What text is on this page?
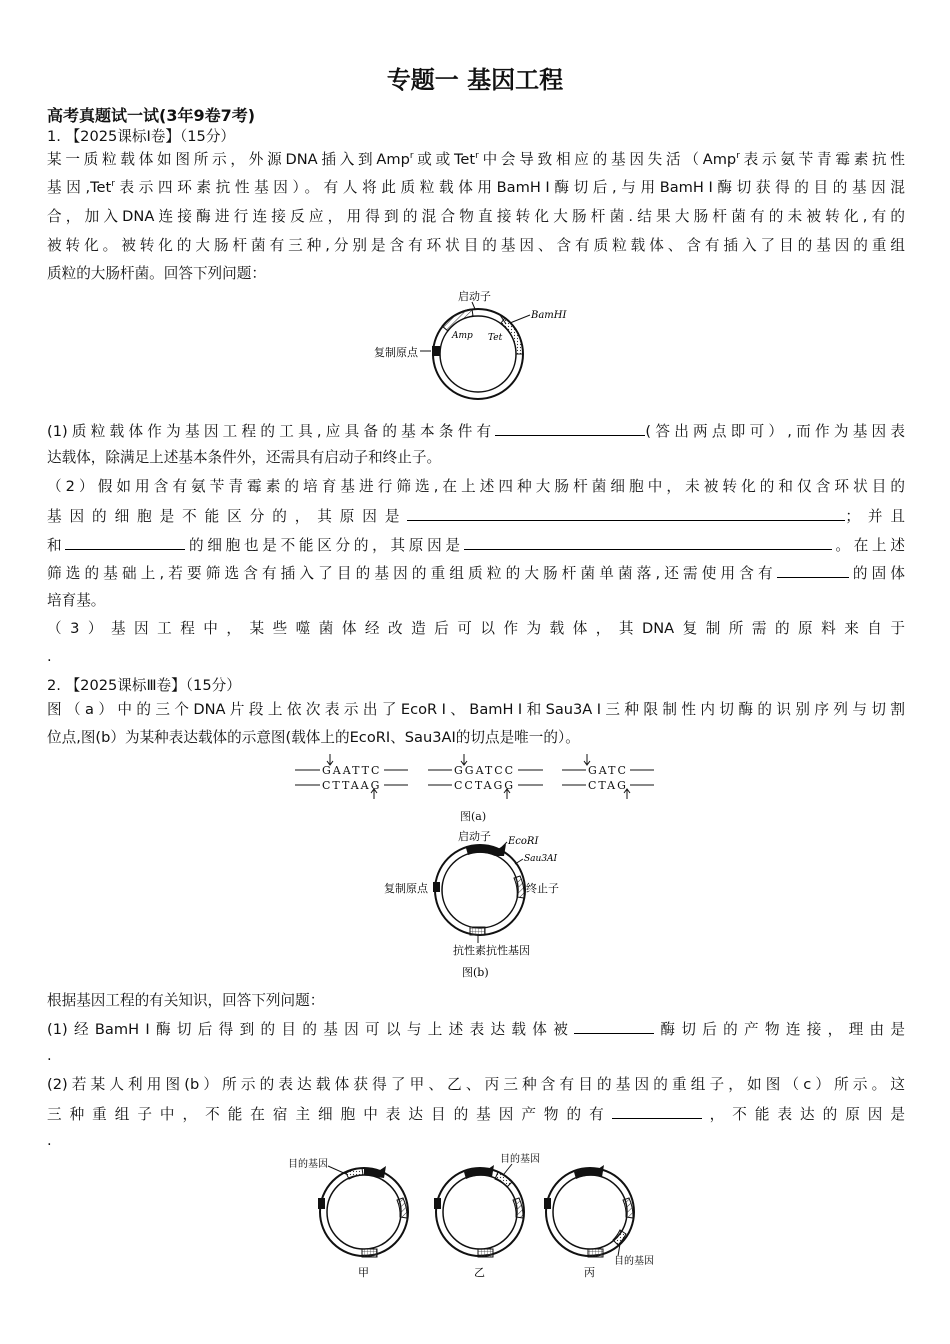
专题一 基因工程
高考真题试一试(3年9卷7考)
1. 【2025课标Ⅰ卷】（15分）
某一质粒载体如图所示，外源DNA插入到Amp$^r$或或Tet$^r$中会导致相应的基因失活（Amp$^r$表示氨苄青霉素抗性
基因,Tet$^r$表示四环素抗性基因）。有人将此质粒载体用BamHⅠ酶切后,与用BamHⅠ酶切获得的目的基因混
合，加入DNA连接酶进行连接反应，用得到的混合物直接转化大肠杆菌.结果大肠杆菌有的未被转化,有的
被转化。被转化的大肠杆菌有三种,分别是含有环状目的基因、含有质粒载体、含有插入了目的基因的重组
质粒的大肠杆菌。回答下列问题：
启动子
BamHⅠ
Amp Tet
复制原点
(1)质粒载体作为基因工程的工具,应具备的基本条件有	(答出两点即可）,而作为基因表
达载体，除满足上述基本条件外，还需具有启动子和终止子。
（2）假如用含有氨苄青霉素的培育基进行筛选,在上述四种大肠杆菌细胞中，未被转化的和仅含环状目的
基因的细胞是不能区分的，其原因是	；并且
和	的细胞也是不能区分的，其原因是	。在上述
筛选的基础上,若要筛选含有插入了目的基因的重组质粒的大肠杆菌单菌落,还需使用含有	的固体
培育基。
（3）基因工程中，某些噬菌体经改造后可以作为载体，其DNA复制所需的原料来自于
.
2. 【2025课标Ⅲ卷】（15分）
图（a）中的三个DNA片段上依次表示出了EcoRⅠ、BamHⅠ和Sau3AⅠ三种限制性内切酶的识别序列与切割
位点,图(b）为某种表达载体的示意图(载体上的EcoRⅠ、Sau3AⅠ的切点是唯一的）。
GAATTC
CTTAAG
GGATCC
CCTAGG
GATC
CTAG
图(a)
启动子 EcoRⅠ
Sau3AⅠ
复制原点	终止子
抗性素抗性基因
图(b)
根据基因工程的有关知识，回答下列问题：
(1)经BamHⅠ酶切后得到的目的基因可以与上述表达载体被	酶切后的产物连接，理由是
.
(2)若某人利用图(b）所示的表达载体获得了甲、乙、丙三种含有目的基因的重组子，如图（c）所示。这
三种重组子中，不能在宿主细胞中表达目的基因产物的有	，不能表达的原因是
.
目的基因
甲
目的基因
乙
目的基因
丙
